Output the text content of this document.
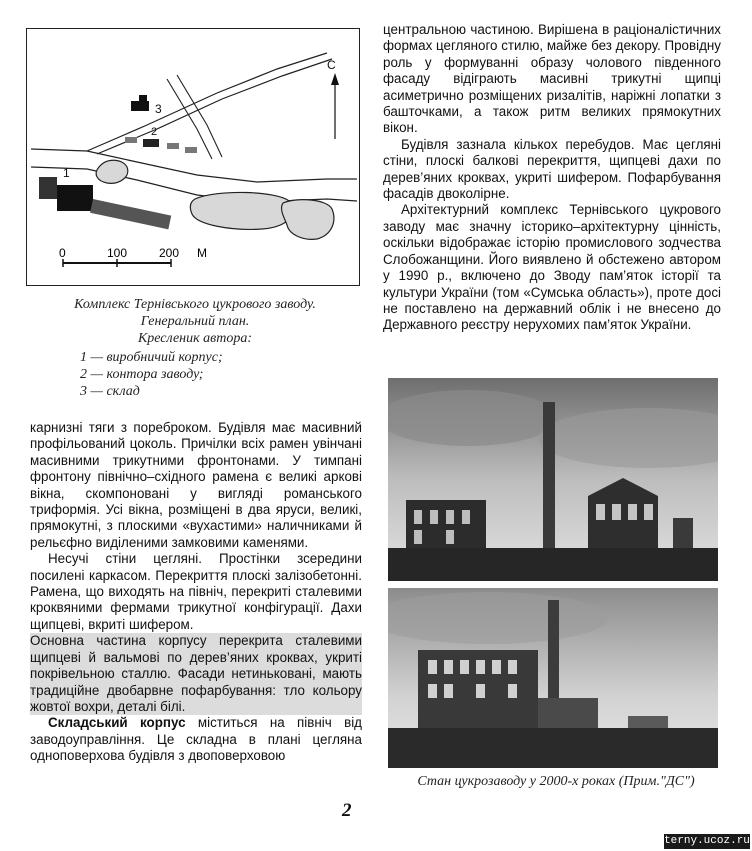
1
2
3
С
0	100	200 М
Комплекс Тернівського цукрового заводу.
Генеральний план.
Кресленик автора:
1 — виробничий корпус;
2 — контора заводу;
3 — склад

карнизні тяги з пореброком. Будівля має масивний профільований цоколь. Причілки всіх рамен увінчані масивними трикутними фронтонами. У тимпані фронтону північно–східного рамена є великі аркові вікна, скомпоновані у вигляді романського триформія. Усі вікна, розміщені в два яруси, великі, прямокутні, з плоскими «вухастими» наличниками й рельєфно виділеними замковими каменями.

Несучі стіни цегляні. Простінки зсередини посилені каркасом. Перекриття плоскі залізобетонні. Рамена, що виходять на північ, перекриті сталевими кроквяними фермами трикутної конфігурації. Дахи щипцеві, вкриті шифером.

Основна частина корпусу перекрита сталевими щипцеві й вальмові по дерев’яних кроквах, укриті покрівельною сталлю. Фасади нетиньковані, мають традиційне двобарвне пофарбування: тло кольору жовтої вохри, деталі білі.

Складський корпус міститься на північ від заводоуправління. Це складна в плані цегляна одноповерхова будівля з двоповерховою

центральною частиною. Вирішена в раціоналістичних формах цегляного стилю, майже без декору. Провідну роль у формуванні образу чолового південного фасаду відіграють масивні трикутні щипці асиметрично розміщених ризалітів, наріжні лопатки з башточками, а також ритм великих прямокутних вікон.

Будівля зазнала кількох перебудов. Має цегляні стіни, плоскі балкові перекриття, щипцеві дахи по дерев’яних кроквах, укриті шифером. Пофарбування фасадів двоколірне.

Архітектурний комплекс Тернівського цукрового заводу має значну історико–архітектурну цінність, оскільки відображає історію промислового зодчества Слобожанщини. Його виявлено й обстежено автором у 1990 р., включено до Зводу пам’яток історії та культури України (том «Сумська область»), проте досі не поставлено на державний облік і не внесено до Державного реєстру нерухомих пам’яток України.

Стан цукрозаводу у 2000-х роках (Прим."ДС")
2
terny.ucoz.ru
